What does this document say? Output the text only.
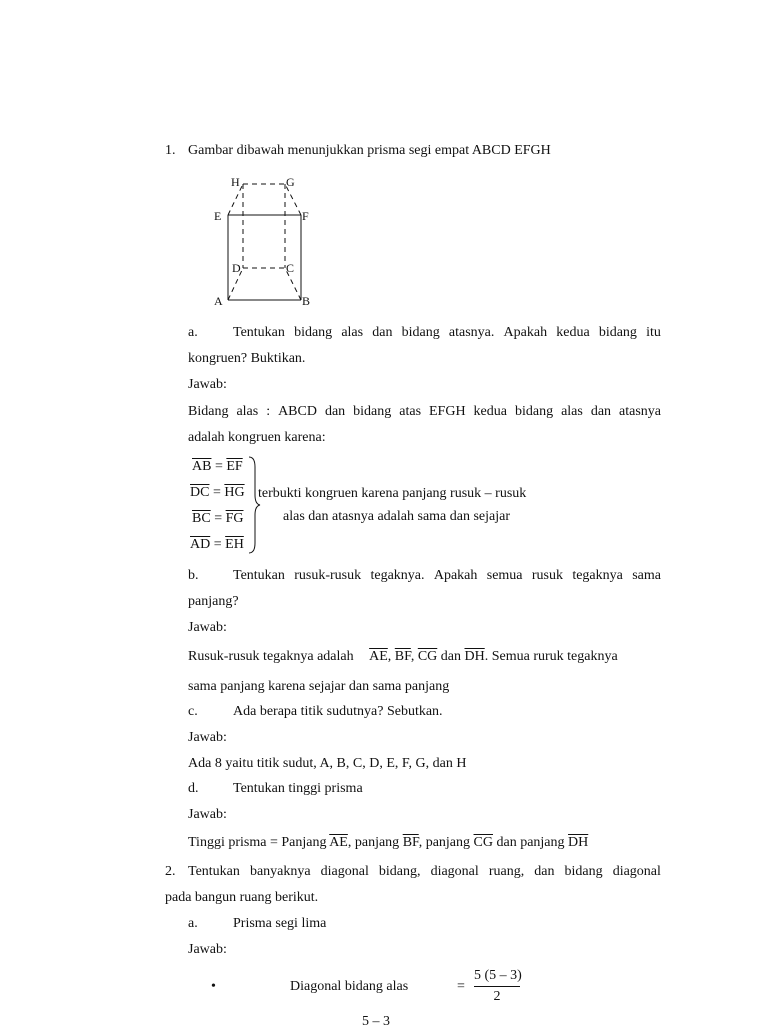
1. Gambar dibawah menunjukkan prisma segi empat ABCD EFGH
H	G
E	F
D	C
A	B
a.	Tentukan bidang alas dan bidang atasnya. Apakah kedua bidang itu
kongruen? Buktikan.
Jawab:
Bidang alas : ABCD dan bidang atas EFGH kedua bidang alas dan atasnya
adalah kongruen karena:
$\overline{AB} = \overline{EF}$
$\overline{DC} = \overline{HG}$
$\overline{BC} = \overline{FG}$
$\overline{AD} = \overline{EH}$
terbukti kongruen karena panjang rusuk – rusuk
alas dan atasnya adalah sama dan sejajar
b. Tentukan rusuk-rusuk tegaknya. Apakah semua rusuk tegaknya sama
panjang?
Jawab:
Rusuk-rusuk tegaknya adalah $\overline{AE}$, $\overline{BF}$, $\overline{CG}$ dan $\overline{DH}$. Semua ruruk tegaknya
sama panjang karena sejajar dan sama panjang
c.	Ada berapa titik sudutnya? Sebutkan.
Jawab:
Ada 8 yaitu titik sudut, A, B, C, D, E, F, G, dan H
d. Tentukan tinggi prisma
Jawab:
Tinggi prisma = Panjang $\overline{AE}$, panjang $\overline{BF}$, panjang $\overline{CG}$ dan panjang $\overline{DH}$
2. Tentukan banyaknya diagonal bidang, diagonal ruang, dan bidang diagonal
pada bangun ruang berikut.
a.	Prisma segi lima
Jawab:
•	Diagonal bidang alas	=
5 (5 – 3)
2
5 – 3
